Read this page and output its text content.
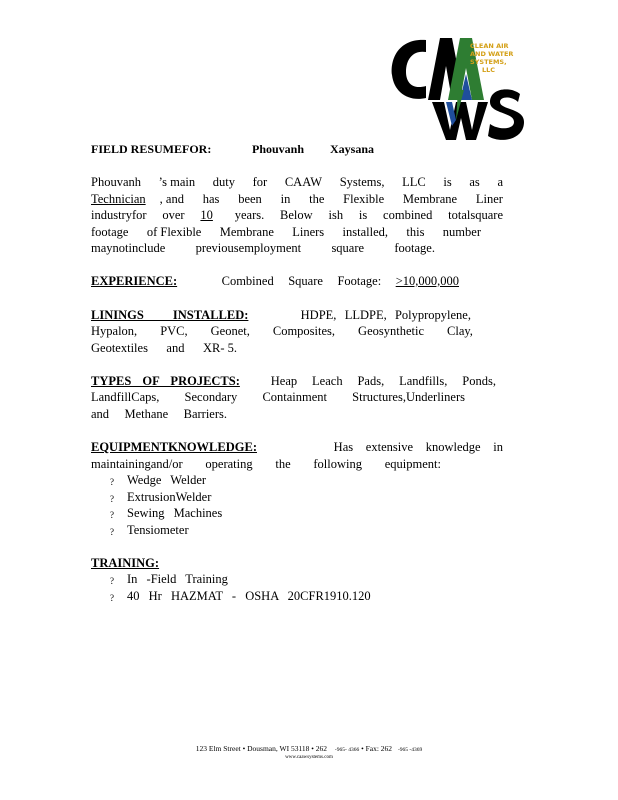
CLEAN AIR
AND WATER
SYSTEMS,
LLC
FIELD RESUMEFOR:	Phouvanh Xaysana
Phouvanh ’s main duty for CAAW Systems, LLC is as a
Technician	, and has been in the Flexible Membrane Liner
industryfor over 10	years. Below ish is combined totalsquare
footage of Flexible Membrane Liners installed, this number
maynotinclude previousemployment square footage.
EXPERIENCE:	Combined Square Footage: >10,000,000
LININGS INSTALLED:	HDPE, LLDPE, Polypropylene,
Hypalon, PVC, Geonet, Composites, Geosynthetic Clay,
Geotextiles and XR- 5.
TYPES OF PROJECTS:	Heap Leach Pads, Landfills, Ponds,
LandfillCaps, Secondary Containment Structures,Underliners
and Methane Barriers.
EQUIPMENTKNOWLEDGE:	Has extensive knowledge in
maintainingand/or operating the following equipment:
? Wedge Welder
? ExtrusionWelder
? Sewing Machines
? Tensiometer
TRAINING:
? In -Field Training
? 40 Hr HAZMAT - OSHA 20CFR1910.120
123 Elm Street • Dousman, WI 53118 • 262 -965- 4366 • Fax: 262 -965 -4369
www.caawsystems.com
